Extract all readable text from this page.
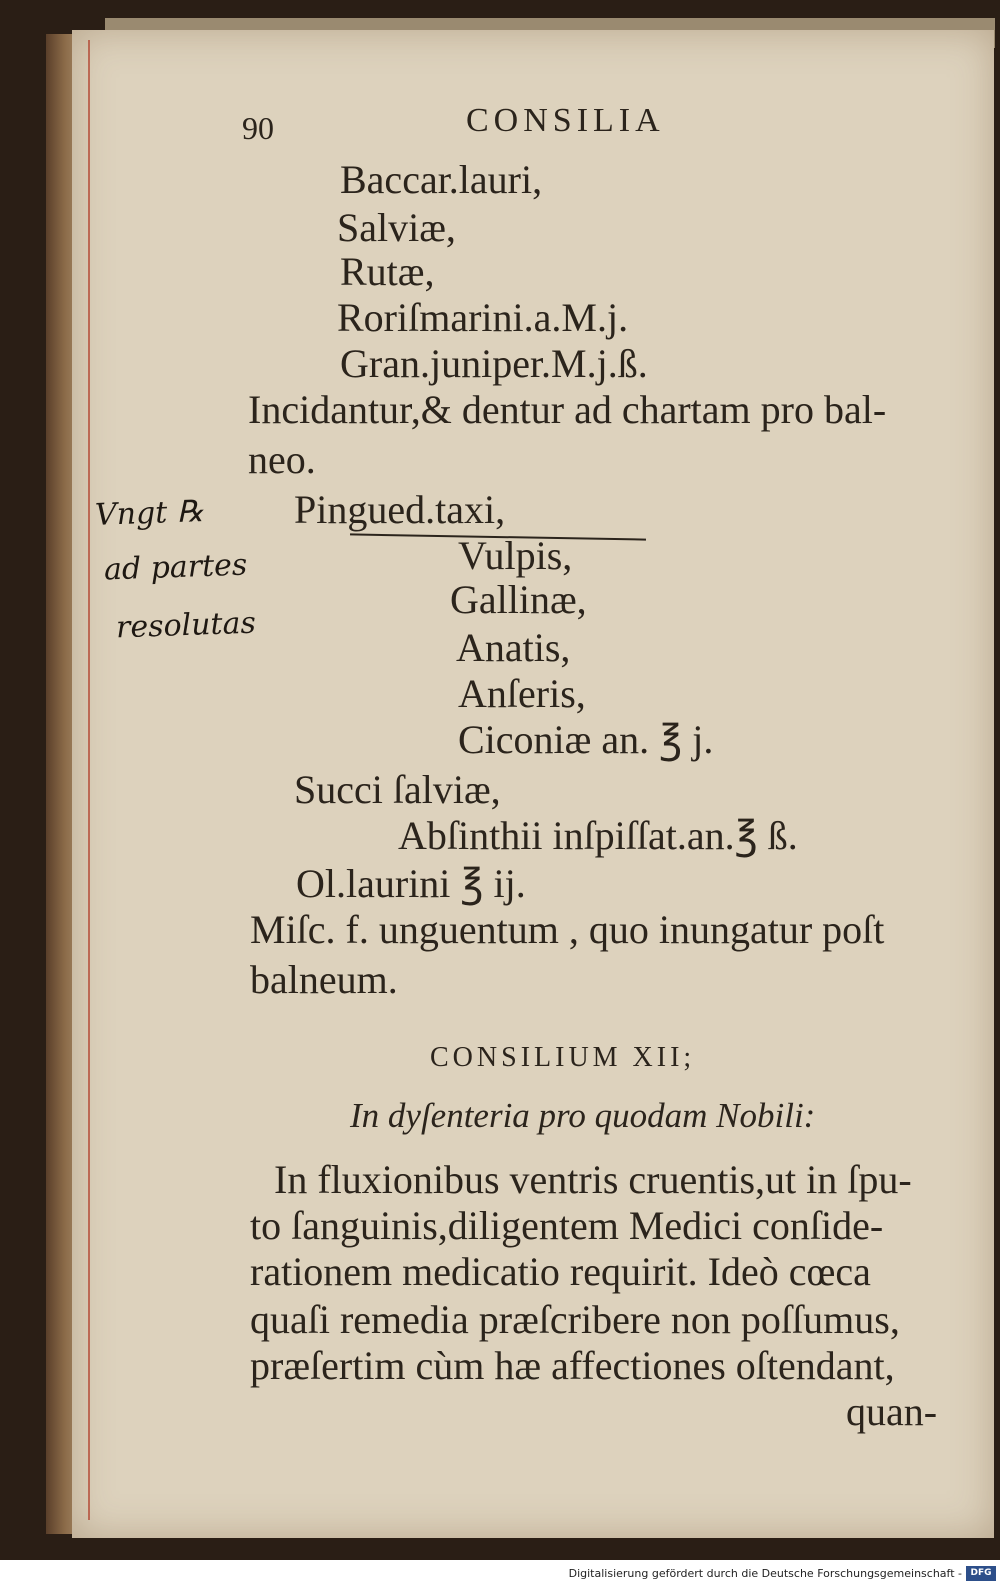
90	CONSILIA
Baccar.lauri,
Salviæ,
Rutæ,
Roriſmarini.a.M.j.
Gran.juniper.M.j.ß.
Incidantur,& dentur ad chartam pro bal-
neo.
Vngt ℞
ad partes
resolutas
Pingued.taxi,
Vulpis,
Gallinæ,
Anatis,
Anſeris,
Ciconiæ an. ℥ j.
Succi ſalviæ,
Abſinthii inſpiſſat.an.℥ ß.
Ol.laurini ℥ ij.
Miſc. f. unguentum , quo inungatur poſt
balneum.
CONSILIUM XII;
In dyſenteria pro quodam Nobili:
In fluxionibus ventris cruentis,ut in ſpu-
to ſanguinis,diligentem Medici conſide-
rationem medicatio requirit. Ideò cœca
quaſi remedia præſcribere non poſſumus,
præſertim cùm hæ affectiones oſtendant,
quan-
Digitalisierung gefördert durch die Deutsche Forschungsgemeinschaft - DFG
